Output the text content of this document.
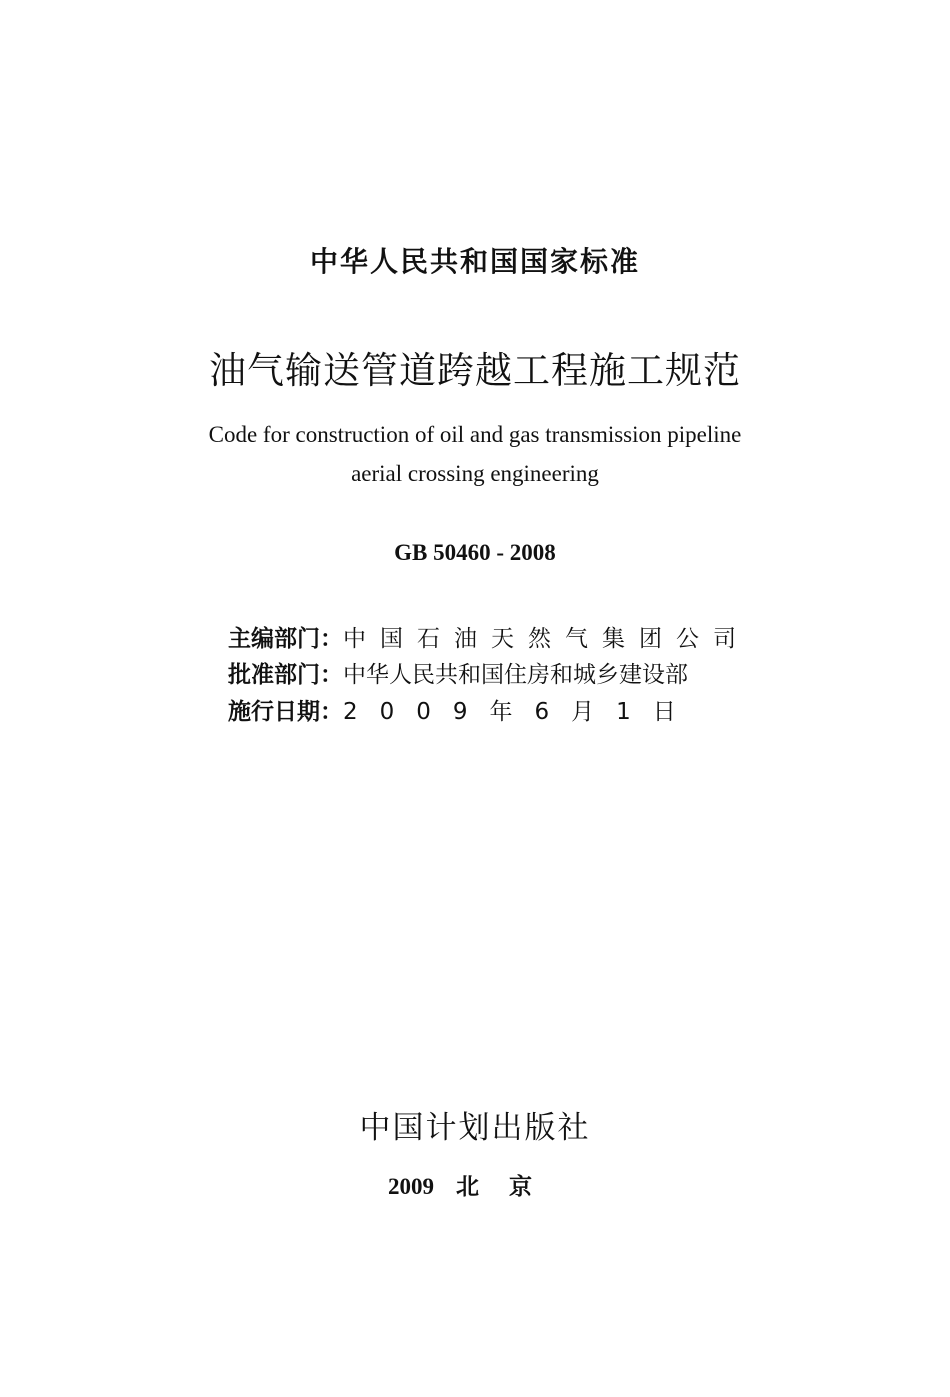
中华人民共和国国家标准
油气输送管道跨越工程施工规范
Code for construction of oil and gas transmission pipeline
aerial crossing engineering
GB 50460 - 2008
主编部门：中国石油天然气集团公司
批准部门：中华人民共和国住房和城乡建设部
施行日期：2009年6月1日
中国计划出版社
2009 北京
